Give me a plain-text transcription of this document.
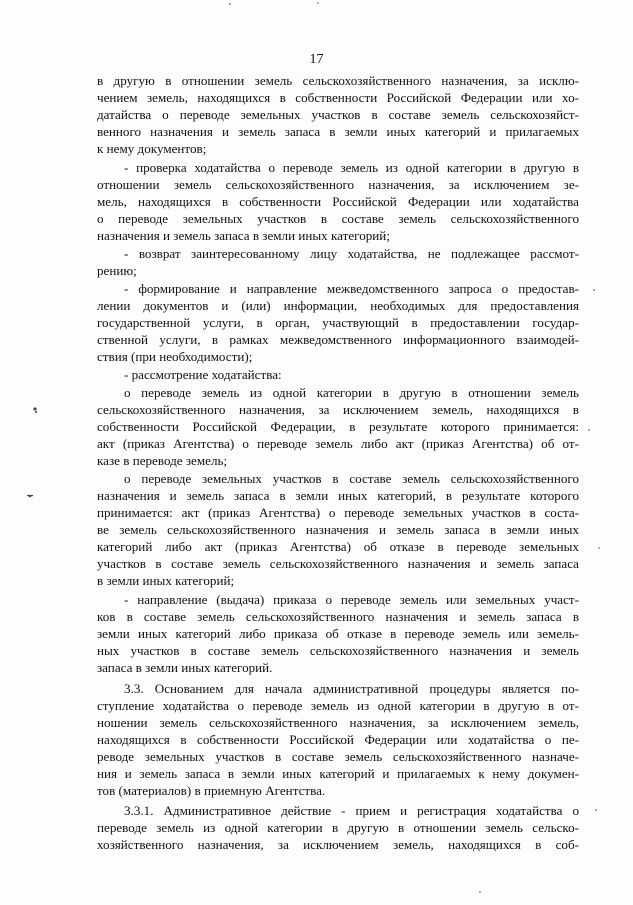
17
в другую в отношении земель сельскохозяйственного назначения, за исклю-
чением земель, находящихся в собственности Российской Федерации или хо-
датайства о переводе земельных участков в составе земель сельскохозяйст-
венного назначения и земель запаса в земли иных категорий и прилагаемых
к нему документов;
- проверка ходатайства о переводе земель из одной категории в другую в
отношении земель сельскохозяйственного назначения, за исключением зе-
мель, находящихся в собственности Российской Федерации или ходатайства
о переводе земельных участков в составе земель сельскохозяйственного
назначения и земель запаса в земли иных категорий;
- возврат заинтересованному лицу ходатайства, не подлежащее рассмот-
рению;
- формирование и направление межведомственного запроса о предостав-
лении документов и (или) информации, необходимых для предоставления
государственной услуги, в орган, участвующий в предоставлении государ-
ственной услуги, в рамках межведомственного информационного взаимодей-
ствия (при необходимости);
- рассмотрение ходатайства:
о переводе земель из одной категории в другую в отношении земель
сельскохозяйственного назначения, за исключением земель, находящихся в
собственности Российской Федерации, в результате которого принимается:
акт (приказ Агентства) о переводе земель либо акт (приказ Агентства) об от-
казе в переводе земель;
о переводе земельных участков в составе земель сельскохозяйственного
назначения и земель запаса в земли иных категорий, в результате которого
принимается: акт (приказ Агентства) о переводе земельных участков в соста-
ве земель сельскохозяйственного назначения и земель запаса в земли иных
категорий либо акт (приказ Агентства) об отказе в переводе земельных
участков в составе земель сельскохозяйственного назначения и земель запаса
в земли иных категорий;
- направление (выдача) приказа о переводе земель или земельных участ-
ков в составе земель сельскохозяйственного назначения и земель запаса в
земли иных категорий либо приказа об отказе в переводе земель или земель-
ных участков в составе земель сельскохозяйственного назначения и земель
запаса в земли иных категорий.
3.3. Основанием для начала административной процедуры является по-
ступление ходатайства о переводе земель из одной категории в другую в от-
ношении земель сельскохозяйственного назначения, за исключением земель,
находящихся в собственности Российской Федерации или ходатайства о пе-
реводе земельных участков в составе земель сельскохозяйственного назначе-
ния и земель запаса в земли иных категорий и прилагаемых к нему докумен-
тов (материалов) в приемную Агентства.
3.3.1. Административное действие - прием и регистрация ходатайства о
переводе земель из одной категории в другую в отношении земель сельско-
хозяйственного назначения, за исключением земель, находящихся в соб-
